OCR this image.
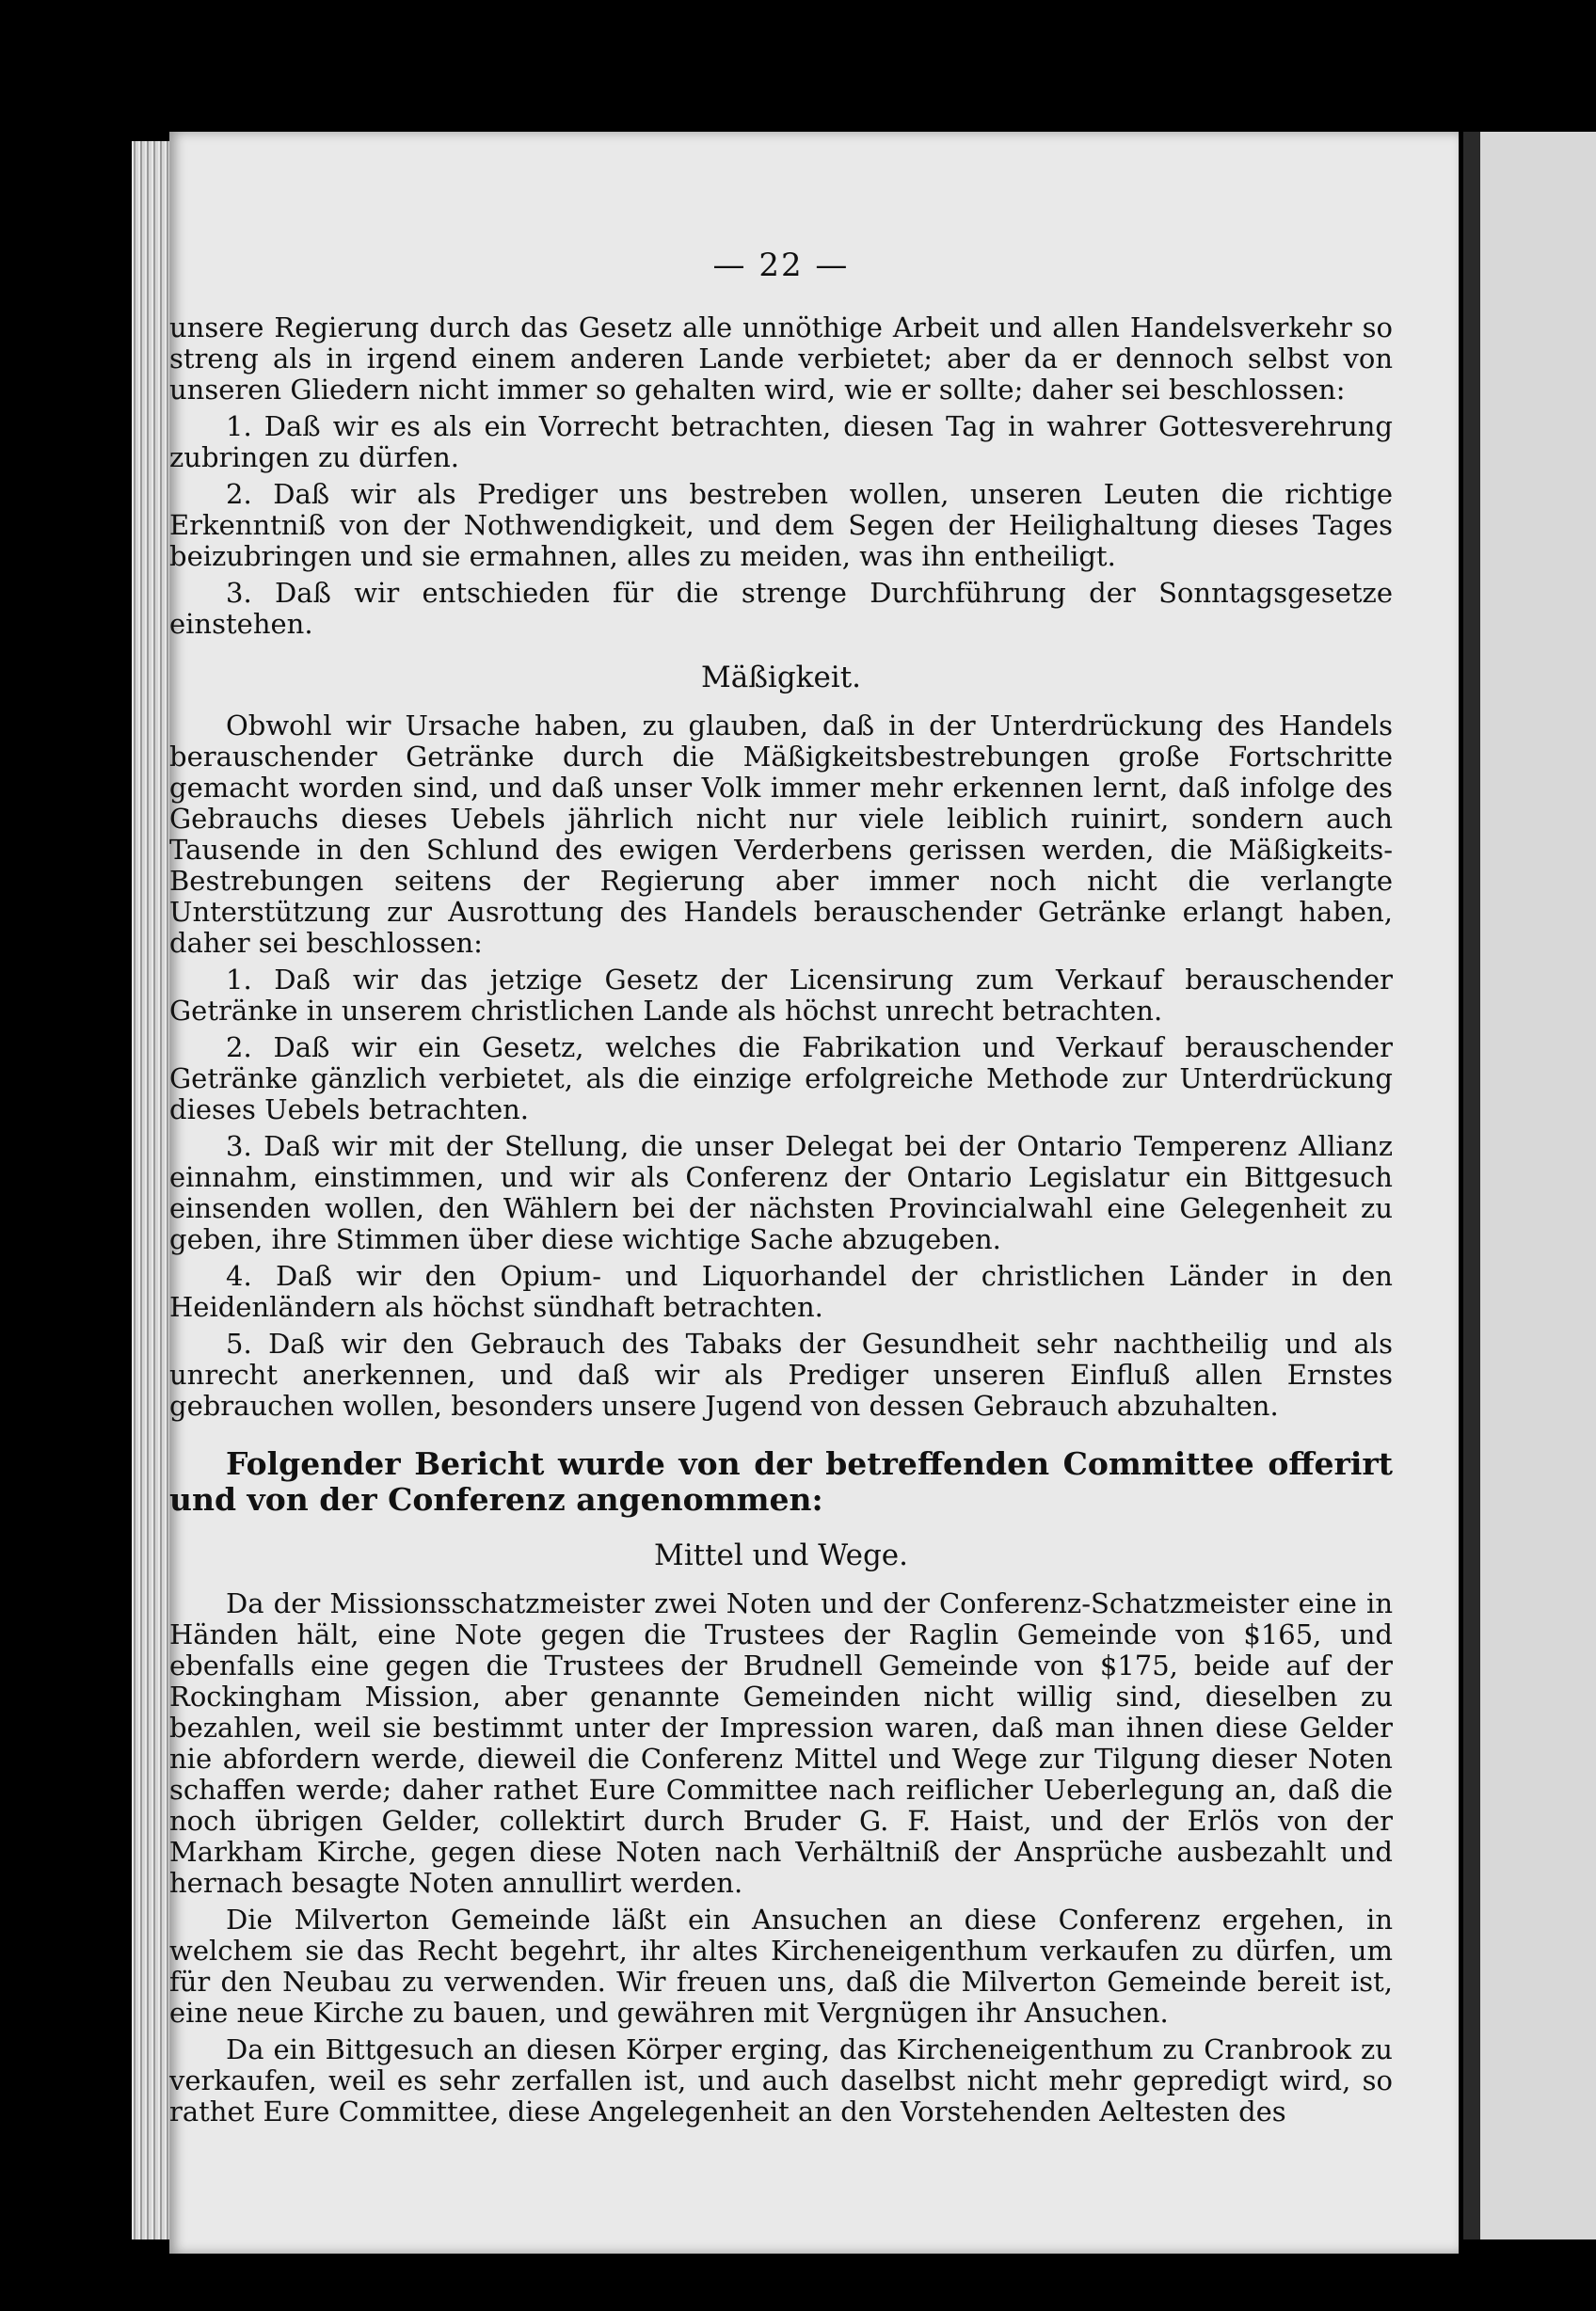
— 22 —

unsere Regierung durch das Gesetz alle unnöthige Arbeit und allen Handelsverkehr so streng als in irgend einem anderen Lande verbietet; aber da er dennoch selbst von unseren Gliedern nicht immer so gehalten wird, wie er sollte; daher sei beschlossen:

1. Daß wir es als ein Vorrecht betrachten, diesen Tag in wahrer Gottesverehrung zubringen zu dürfen.

2. Daß wir als Prediger uns bestreben wollen, unseren Leuten die richtige Erkenntniß von der Nothwendigkeit, und dem Segen der Heilighaltung dieses Tages beizubringen und sie ermahnen, alles zu meiden, was ihn entheiligt.

3. Daß wir entschieden für die strenge Durchführung der Sonntagsgesetze einstehen.

Mäßigkeit.

Obwohl wir Ursache haben, zu glauben, daß in der Unterdrückung des Handels berauschender Getränke durch die Mäßigkeitsbestrebungen große Fortschritte gemacht worden sind, und daß unser Volk immer mehr erkennen lernt, daß infolge des Gebrauchs dieses Uebels jährlich nicht nur viele leiblich ruinirt, sondern auch Tausende in den Schlund des ewigen Verderbens gerissen werden, die Mäßigkeits-Bestrebungen seitens der Regierung aber immer noch nicht die verlangte Unterstützung zur Ausrottung des Handels berauschender Getränke erlangt haben, daher sei beschlossen:

1. Daß wir das jetzige Gesetz der Licensirung zum Verkauf berauschender Getränke in unserem christlichen Lande als höchst unrecht betrachten.

2. Daß wir ein Gesetz, welches die Fabrikation und Verkauf berauschender Getränke gänzlich verbietet, als die einzige erfolgreiche Methode zur Unterdrückung dieses Uebels betrachten.

3. Daß wir mit der Stellung, die unser Delegat bei der Ontario Temperenz Allianz einnahm, einstimmen, und wir als Conferenz der Ontario Legislatur ein Bittgesuch einsenden wollen, den Wählern bei der nächsten Provincialwahl eine Gelegenheit zu geben, ihre Stimmen über diese wichtige Sache abzugeben.

4. Daß wir den Opium- und Liquorhandel der christlichen Länder in den Heidenländern als höchst sündhaft betrachten.

5. Daß wir den Gebrauch des Tabaks der Gesundheit sehr nachtheilig und als unrecht anerkennen, und daß wir als Prediger unseren Einfluß allen Ernstes gebrauchen wollen, besonders unsere Jugend von dessen Gebrauch abzuhalten.

Folgender Bericht wurde von der betreffenden Committee offerirt und von der Conferenz angenommen:

Mittel und Wege.

Da der Missionsschatzmeister zwei Noten und der Conferenz-Schatzmeister eine in Händen hält, eine Note gegen die Trustees der Raglin Gemeinde von $165, und ebenfalls eine gegen die Trustees der Brudnell Gemeinde von $175, beide auf der Rockingham Mission, aber genannte Gemeinden nicht willig sind, dieselben zu bezahlen, weil sie bestimmt unter der Impression waren, daß man ihnen diese Gelder nie abfordern werde, dieweil die Conferenz Mittel und Wege zur Tilgung dieser Noten schaffen werde; daher rathet Eure Committee nach reiflicher Ueberlegung an, daß die noch übrigen Gelder, collektirt durch Bruder G. F. Haist, und der Erlös von der Markham Kirche, gegen diese Noten nach Verhältniß der Ansprüche ausbezahlt und hernach besagte Noten annullirt werden.

Die Milverton Gemeinde läßt ein Ansuchen an diese Conferenz ergehen, in welchem sie das Recht begehrt, ihr altes Kircheneigenthum verkaufen zu dürfen, um für den Neubau zu verwenden. Wir freuen uns, daß die Milverton Gemeinde bereit ist, eine neue Kirche zu bauen, und gewähren mit Vergnügen ihr Ansuchen.

Da ein Bittgesuch an diesen Körper erging, das Kircheneigenthum zu Cranbrook zu verkaufen, weil es sehr zerfallen ist, und auch daselbst nicht mehr gepredigt wird, so rathet Eure Committee, diese Angelegenheit an den Vorstehenden Aeltesten des
